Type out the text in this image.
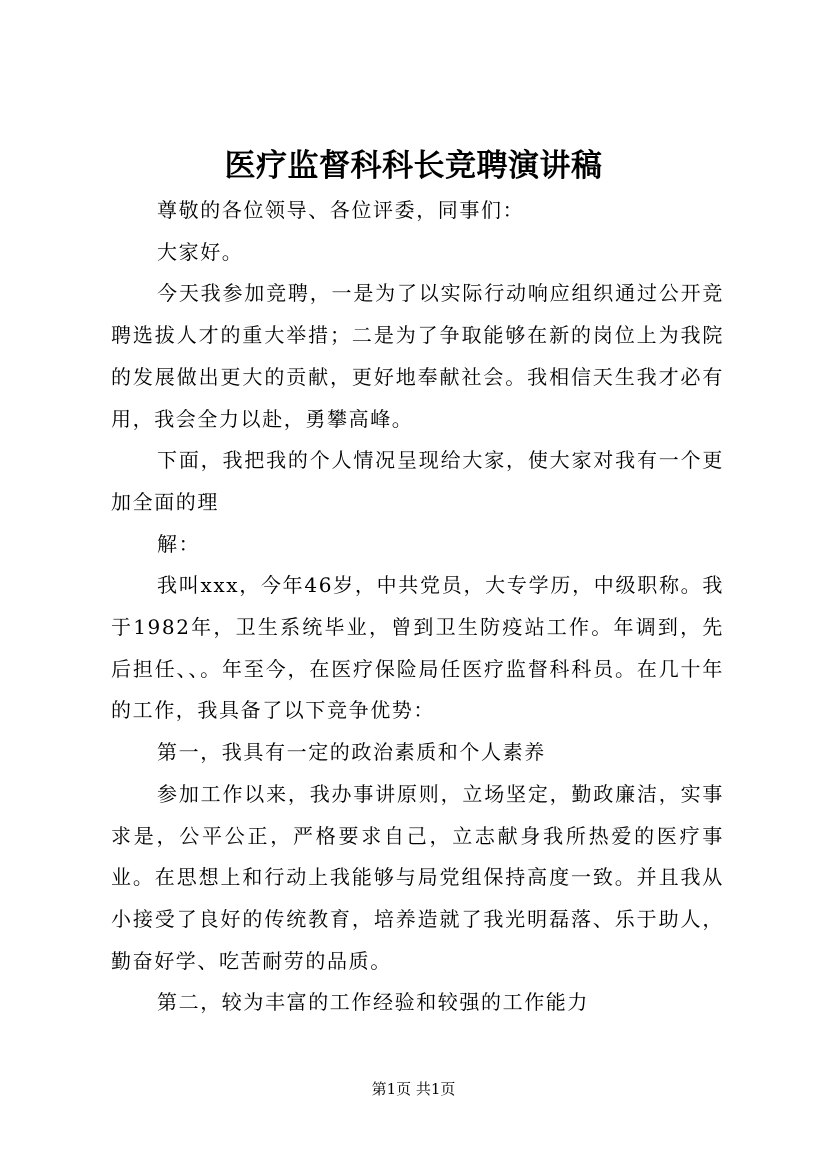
医疗监督科科长竞聘演讲稿

尊敬的各位领导、各位评委，同事们：

大家好。

今天我参加竞聘，一是为了以实际行动响应组织通过公开竞聘选拔人才的重大举措；二是为了争取能够在新的岗位上为我院的发展做出更大的贡献，更好地奉献社会。我相信天生我才必有用，我会全力以赴，勇攀高峰。

下面，我把我的个人情况呈现给大家，使大家对我有一个更加全面的理

解：

我叫xxx，今年46岁，中共党员，大专学历，中级职称。我于1982年，卫生系统毕业，曾到卫生防疫站工作。年调到，先后担任、、。年至今，在医疗保险局任医疗监督科科员。在几十年的工作，我具备了以下竞争优势：

第一，我具有一定的政治素质和个人素养

参加工作以来，我办事讲原则，立场坚定，勤政廉洁，实事求是，公平公正，严格要求自己，立志献身我所热爱的医疗事业。在思想上和行动上我能够与局党组保持高度一致。并且我从小接受了良好的传统教育，培养造就了我光明磊落、乐于助人，勤奋好学、吃苦耐劳的品质。

第二，较为丰富的工作经验和较强的工作能力

第1页 共1页
